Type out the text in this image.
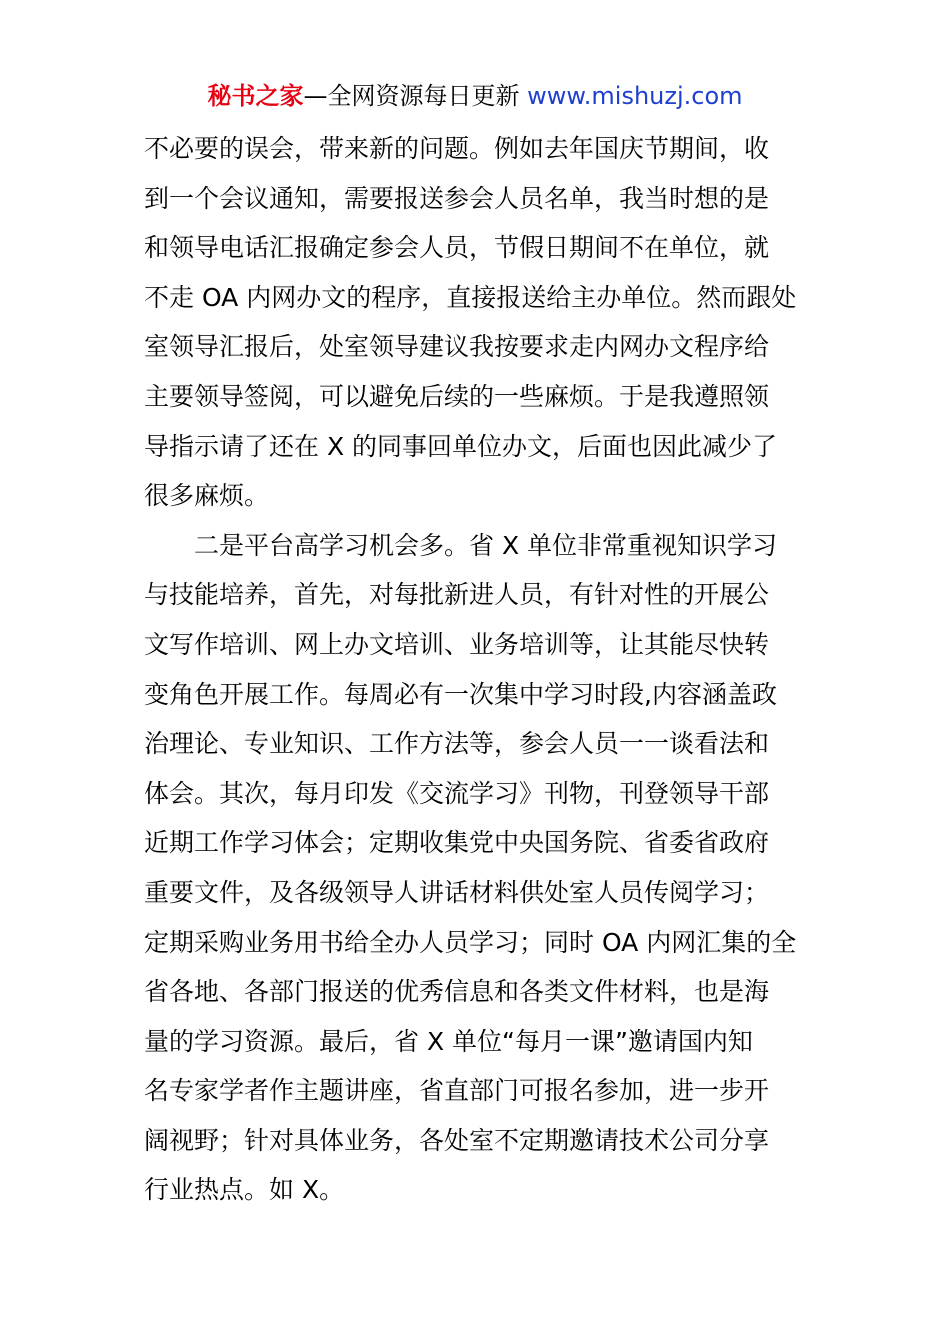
秘书之家—全网资源每日更新 www.mishuzj.com
不必要的误会，带来新的问题。例如去年国庆节期间，收
到一个会议通知，需要报送参会人员名单，我当时想的是
和领导电话汇报确定参会人员，节假日期间不在单位，就
不走 OA 内网办文的程序，直接报送给主办单位。然而跟处
室领导汇报后，处室领导建议我按要求走内网办文程序给
主要领导签阅，可以避免后续的一些麻烦。于是我遵照领
导指示请了还在 X 的同事回单位办文，后面也因此减少了
很多麻烦。
二是平台高学习机会多。省 X 单位非常重视知识学习
与技能培养，首先，对每批新进人员，有针对性的开展公
文写作培训、网上办文培训、业务培训等，让其能尽快转
变角色开展工作。每周必有一次集中学习时段,内容涵盖政
治理论、专业知识、工作方法等，参会人员一一谈看法和
体会。其次，每月印发《交流学习》刊物，刊登领导干部
近期工作学习体会；定期收集党中央国务院、省委省政府
重要文件，及各级领导人讲话材料供处室人员传阅学习；
定期采购业务用书给全办人员学习；同时 OA 内网汇集的全
省各地、各部门报送的优秀信息和各类文件材料，也是海
量的学习资源。最后，省 X 单位“每月一课”邀请国内知
名专家学者作主题讲座，省直部门可报名参加，进一步开
阔视野；针对具体业务，各处室不定期邀请技术公司分享
行业热点。如 X。
